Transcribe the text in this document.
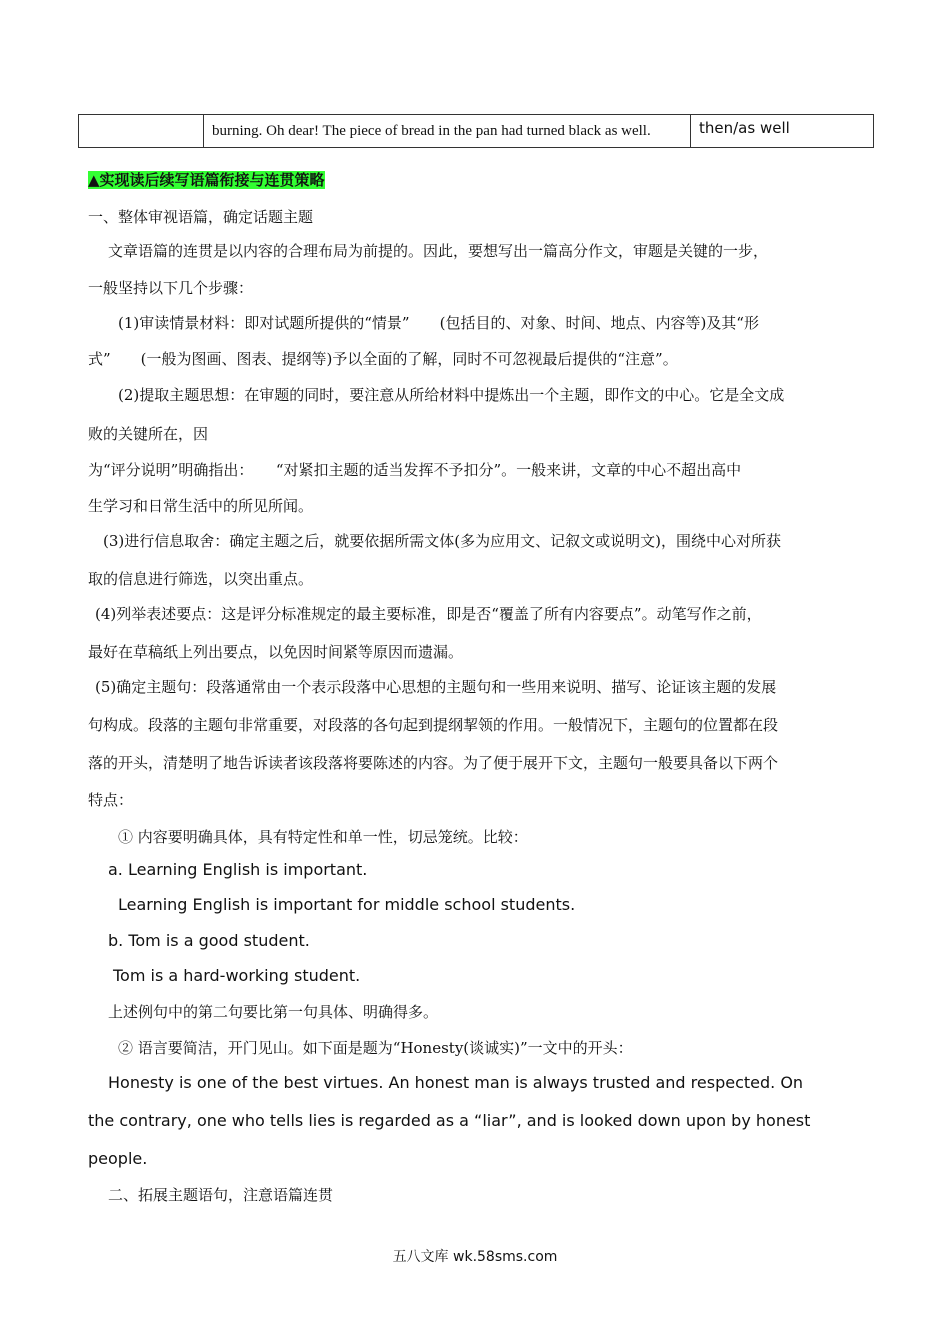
	burning. Oh dear! The piece of bread in the pan had turned black as well.	then/as well
▲实现读后续写语篇衔接与连贯策略
一、整体审视语篇，确定话题主题
文章语篇的连贯是以内容的合理布局为前提的。因此，要想写出一篇高分作文，审题是关键的一步，
一般坚持以下几个步骤：
(1)审读情景材料：即对试题所提供的“情景”　　(包括目的、对象、时间、地点、内容等)及其“形
式”　　(一般为图画、图表、提纲等)予以全面的了解，同时不可忽视最后提供的“注意”。
(2)提取主题思想：在审题的同时，要注意从所给材料中提炼出一个主题，即作文的中心。它是全文成
败的关键所在，因
为“评分说明”明确指出：　　“对紧扣主题的适当发挥不予扣分”。一般来讲，文章的中心不超出高中
生学习和日常生活中的所见所闻。
(3)进行信息取舍：确定主题之后，就要依据所需文体(多为应用文、记叙文或说明文)，围绕中心对所获
取的信息进行筛选，以突出重点。
(4)列举表述要点：这是评分标准规定的最主要标准，即是否“覆盖了所有内容要点”。动笔写作之前，
最好在草稿纸上列出要点，以免因时间紧等原因而遗漏。
(5)确定主题句：段落通常由一个表示段落中心思想的主题句和一些用来说明、描写、论证该主题的发展
句构成。段落的主题句非常重要，对段落的各句起到提纲挈领的作用。一般情况下，主题句的位置都在段
落的开头，清楚明了地告诉读者该段落将要陈述的内容。为了便于展开下文，主题句一般要具备以下两个
特点：
① 内容要明确具体，具有特定性和单一性，切忌笼统。比较：
a. Learning English is important.
Learning English is important for middle school students.
b. Tom is a good student.
Tom is a hard-working student.
上述例句中的第二句要比第一句具体、明确得多。
② 语言要简洁，开门见山。如下面是题为“Honesty(谈诚实)”一文中的开头：
Honesty is one of the best virtues. An honest man is always trusted and respected. On
the contrary, one who tells lies is regarded as a “liar”, and is looked down upon by honest
people.
二、拓展主题语句，注意语篇连贯
五八文库 wk.58sms.com
